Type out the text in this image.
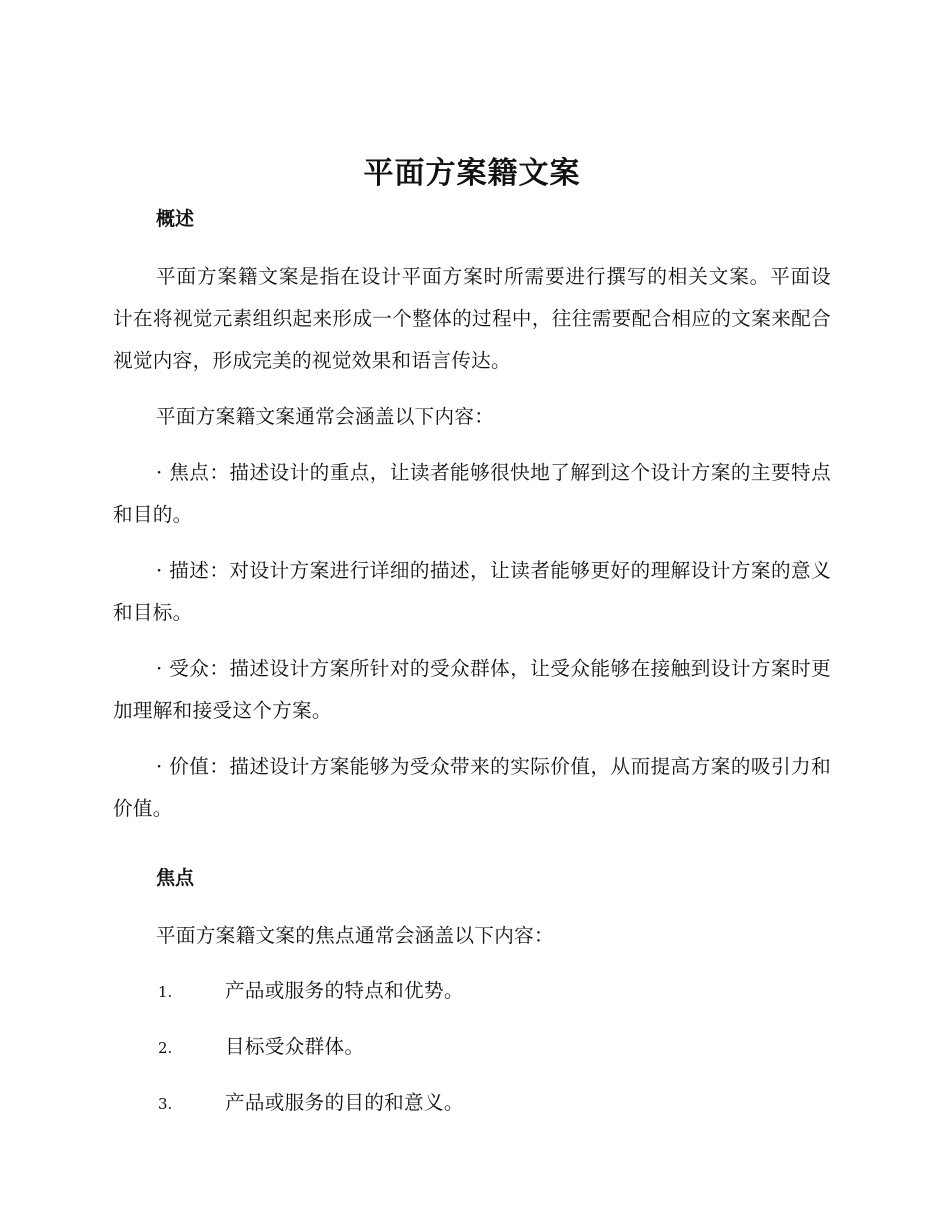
平面方案籍文案
概述

平面方案籍文案是指在设计平面方案时所需要进行撰写的相关文案。平面设计在将视觉元素组织起来形成一个整体的过程中，往往需要配合相应的文案来配合视觉内容，形成完美的视觉效果和语言传达。

平面方案籍文案通常会涵盖以下内容：

· 焦点：描述设计的重点，让读者能够很快地了解到这个设计方案的主要特点和目的。

· 描述：对设计方案进行详细的描述，让读者能够更好的理解设计方案的意义和目标。

· 受众：描述设计方案所针对的受众群体，让受众能够在接触到设计方案时更加理解和接受这个方案。

· 价值：描述设计方案能够为受众带来的实际价值，从而提高方案的吸引力和价值。

焦点

平面方案籍文案的焦点通常会涵盖以下内容：

1.	产品或服务的特点和优势。
2.	目标受众群体。
3.	产品或服务的目的和意义。
